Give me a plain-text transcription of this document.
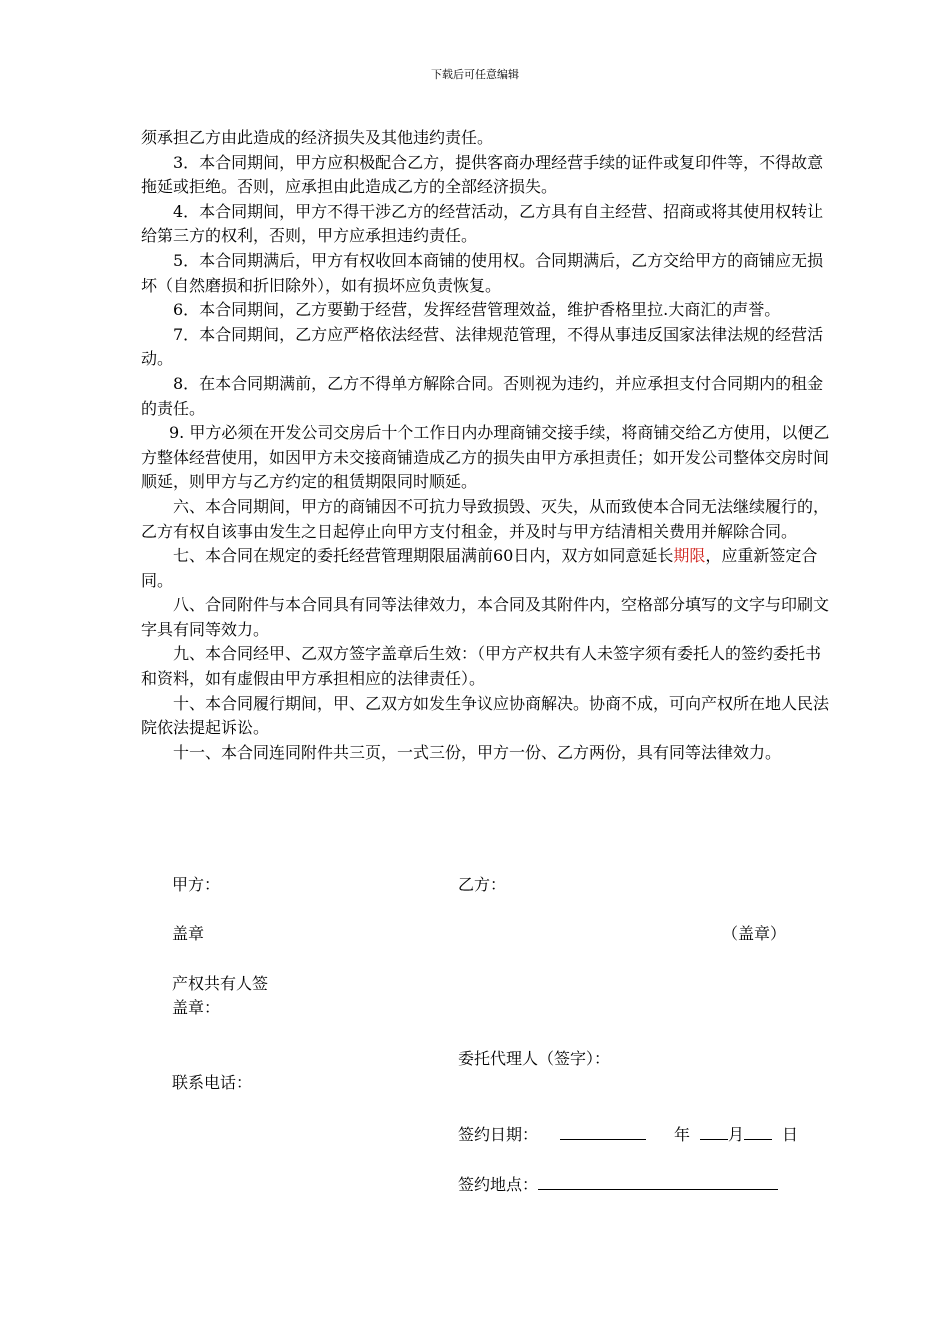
下载后可任意编辑

须承担乙方由此造成的经济损失及其他违约责任。

3．本合同期间，甲方应积极配合乙方，提供客商办理经营手续的证件或复印件等，不得故意拖延或拒绝。否则，应承担由此造成乙方的全部经济损失。

4．本合同期间，甲方不得干涉乙方的经营活动，乙方具有自主经营、招商或将其使用权转让给第三方的权利，否则，甲方应承担违约责任。

5．本合同期满后，甲方有权收回本商铺的使用权。合同期满后，乙方交给甲方的商铺应无损坏（自然磨损和折旧除外），如有损坏应负责恢复。

6．本合同期间，乙方要勤于经营，发挥经营管理效益，维护香格里拉.大商汇的声誉。

7．本合同期间，乙方应严格依法经营、法律规范管理，不得从事违反国家法律法规的经营活动。

8．在本合同期满前，乙方不得单方解除合同。否则视为违约，并应承担支付合同期内的租金的责任。

9. 甲方必须在开发公司交房后十个工作日内办理商铺交接手续，将商铺交给乙方使用，以便乙方整体经营使用，如因甲方未交接商铺造成乙方的损失由甲方承担责任；如开发公司整体交房时间顺延，则甲方与乙方约定的租赁期限同时顺延。

六、本合同期间，甲方的商铺因不可抗力导致损毁、灭失，从而致使本合同无法继续履行的，乙方有权自该事由发生之日起停止向甲方支付租金，并及时与甲方结清相关费用并解除合同。

七、本合同在规定的委托经营管理期限届满前60日内，双方如同意延长期限，应重新签定合同。

八、合同附件与本合同具有同等法律效力，本合同及其附件内，空格部分填写的文字与印刷文字具有同等效力。

九、本合同经甲、乙双方签字盖章后生效：（甲方产权共有人未签字须有委托人的签约委托书和资料，如有虚假由甲方承担相应的法律责任）。

十、本合同履行期间，甲、乙双方如发生争议应协商解决。协商不成，可向产权所在地人民法院依法提起诉讼。

十一、本合同连同附件共三页，一式三份，甲方一份、乙方两份，具有同等法律效力。

甲方：	乙方：
盖章	（盖章）
产权共有人签
盖章：
委托代理人（签字）：
联系电话：
签约日期：	年 月 日
签约地点：
